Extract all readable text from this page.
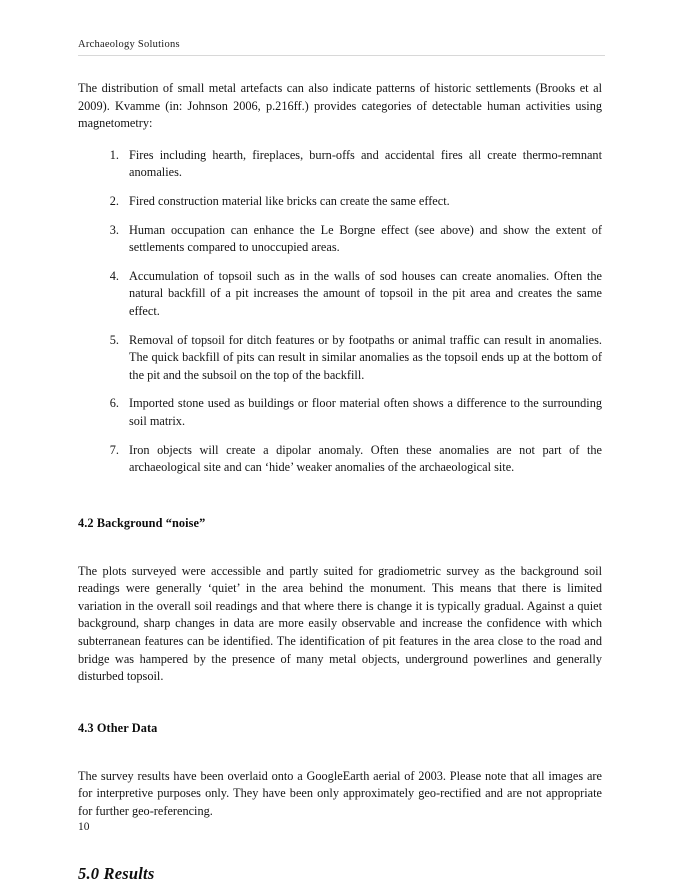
Archaeology Solutions

The distribution of small metal artefacts can also indicate patterns of historic settlements (Brooks et al 2009). Kvamme (in: Johnson 2006, p.216ff.) provides categories of detectable human activities using magnetometry:

Fires including hearth, fireplaces, burn-offs and accidental fires all create thermo-remnant anomalies.
Fired construction material like bricks can create the same effect.
Human occupation can enhance the Le Borgne effect (see above) and show the extent of settlements compared to unoccupied areas.
Accumulation of topsoil such as in the walls of sod houses can create anomalies. Often the natural backfill of a pit increases the amount of topsoil in the pit area and creates the same effect.
Removal of topsoil for ditch features or by footpaths or animal traffic can result in anomalies. The quick backfill of pits can result in similar anomalies as the topsoil ends up at the bottom of the pit and the subsoil on the top of the backfill.
Imported stone used as buildings or floor material often shows a difference to the surrounding soil matrix.
Iron objects will create a dipolar anomaly. Often these anomalies are not part of the archaeological site and can ‘hide’ weaker anomalies of the archaeological site.
4.2 Background “noise”

The plots surveyed were accessible and partly suited for gradiometric survey as the background soil readings were generally ‘quiet’ in the area behind the monument. This means that there is limited variation in the overall soil readings and that where there is change it is typically gradual. Against a quiet background, sharp changes in data are more easily observable and increase the confidence with which subterranean features can be identified. The identification of pit features in the area close to the road and bridge was hampered by the presence of many metal objects, underground powerlines and generally disturbed topsoil.

4.3 Other Data

The survey results have been overlaid onto a GoogleEarth aerial of 2003. Please note that all images are for interpretive purposes only. They have been only approximately geo-rectified and are not appropriate for further geo-referencing.

5.0 Results
10
